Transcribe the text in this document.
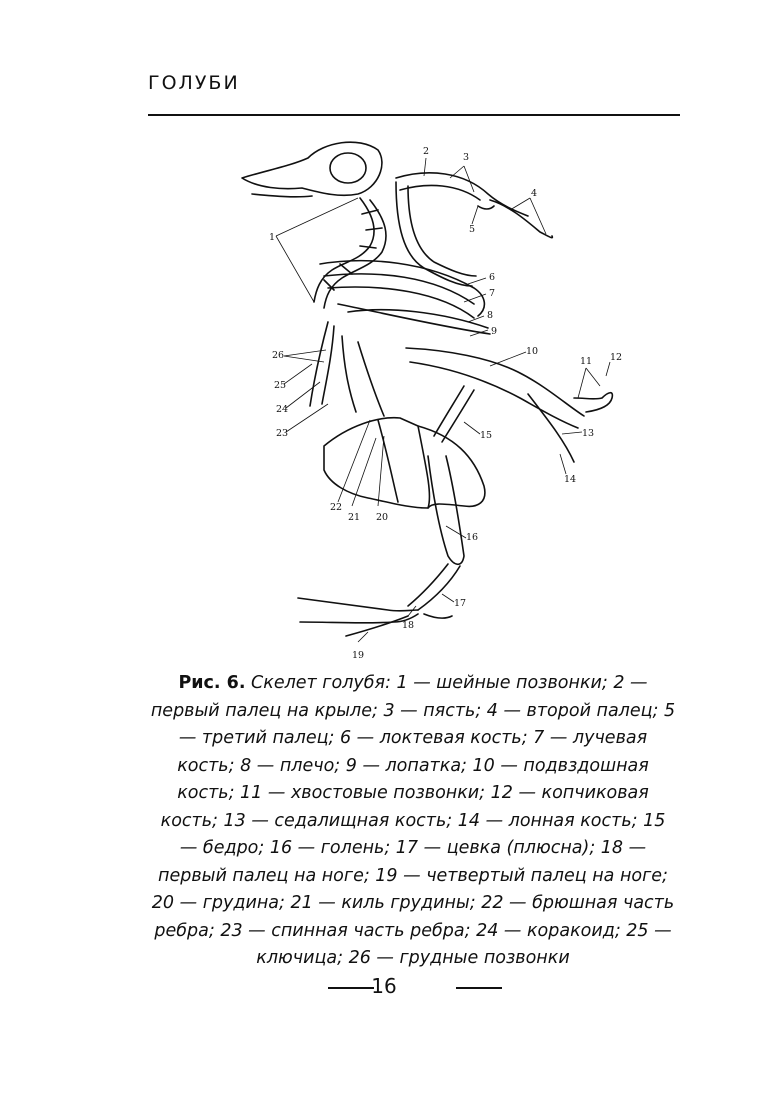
ГОЛУБИ
1
2
3
4
5
6
7
8
9
10
11 12
13
14
15
16
17
18
19
20
21
22
23
24
25
26
Рис. 6. Скелет голубя: 1 — шейные позвонки; 2 — первый палец на крыле; 3 — пясть; 4 — второй палец; 5 — третий палец; 6 — локтевая кость; 7 — лучевая кость; 8 — плечо; 9 — лопатка; 10 — подвздошная кость; 11 — хвостовые позвонки; 12 — копчиковая кость; 13 — седалищная кость; 14 — лонная кость; 15 — бедро; 16 — голень; 17 — цевка (плюсна); 18 — первый палец на ноге; 19 — четвертый палец на ноге; 20 — грудина; 21 — киль грудины; 22 — брюшная часть ребра; 23 — спинная часть ребра; 24 — коракоид; 25 — ключица; 26 — грудные позвонки
16
